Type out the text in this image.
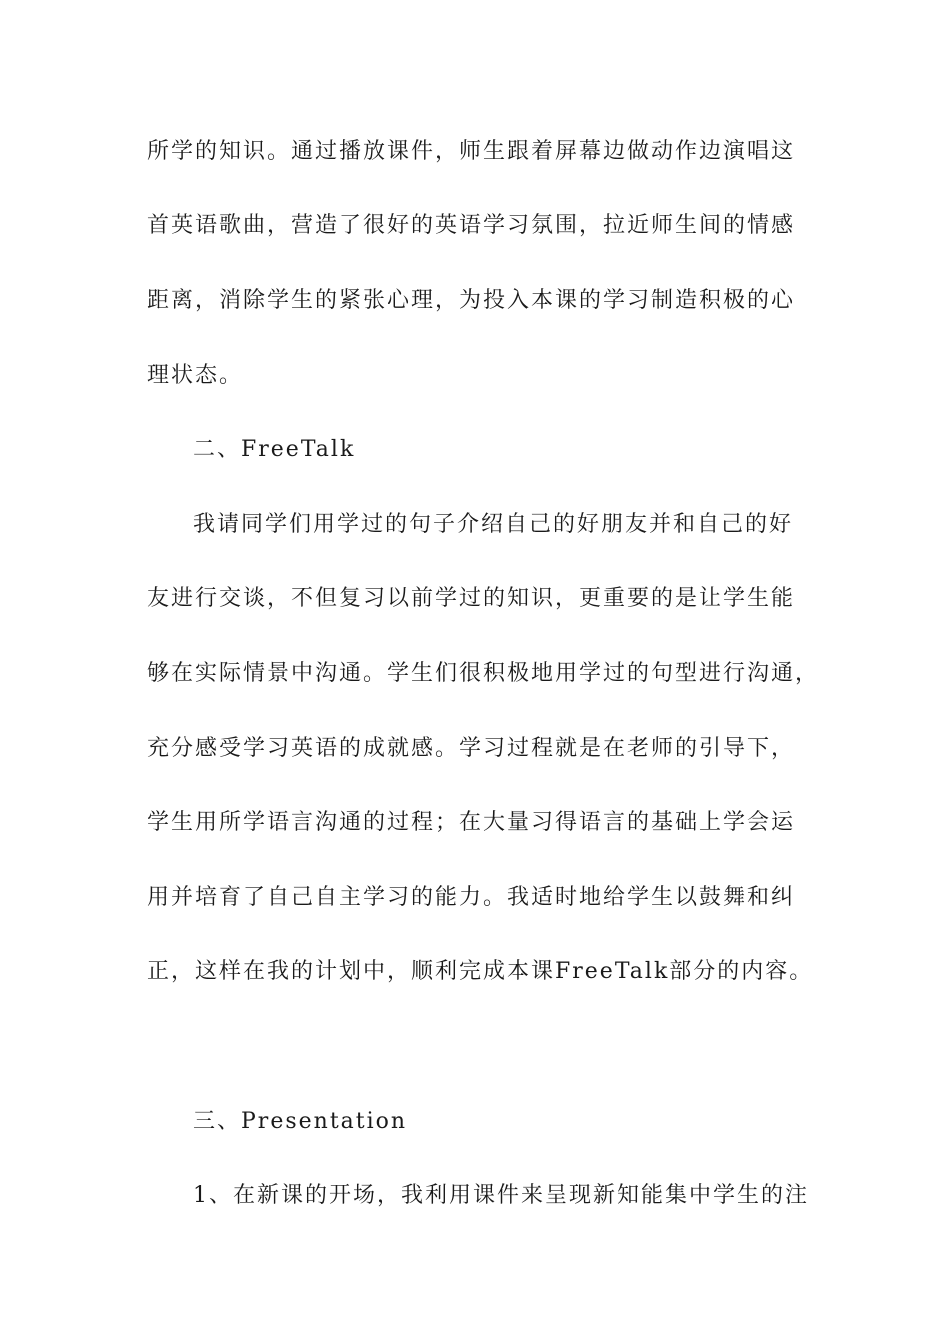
所学的知识。通过播放课件，师生跟着屏幕边做动作边演唱这
首英语歌曲，营造了很好的英语学习氛围，拉近师生间的情感
距离，消除学生的紧张心理，为投入本课的学习制造积极的心
理状态。
二、FreeTalk
我请同学们用学过的句子介绍自己的好朋友并和自己的好
友进行交谈，不但复习以前学过的知识，更重要的是让学生能
够在实际情景中沟通。学生们很积极地用学过的句型进行沟通，
充分感受学习英语的成就感。学习过程就是在老师的引导下，
学生用所学语言沟通的过程；在大量习得语言的基础上学会运
用并培育了自己自主学习的能力。我适时地给学生以鼓舞和纠
正，这样在我的计划中，顺利完成本课FreeTalk部分的内容。
三、Presentation
1、在新课的开场，我利用课件来呈现新知能集中学生的注
